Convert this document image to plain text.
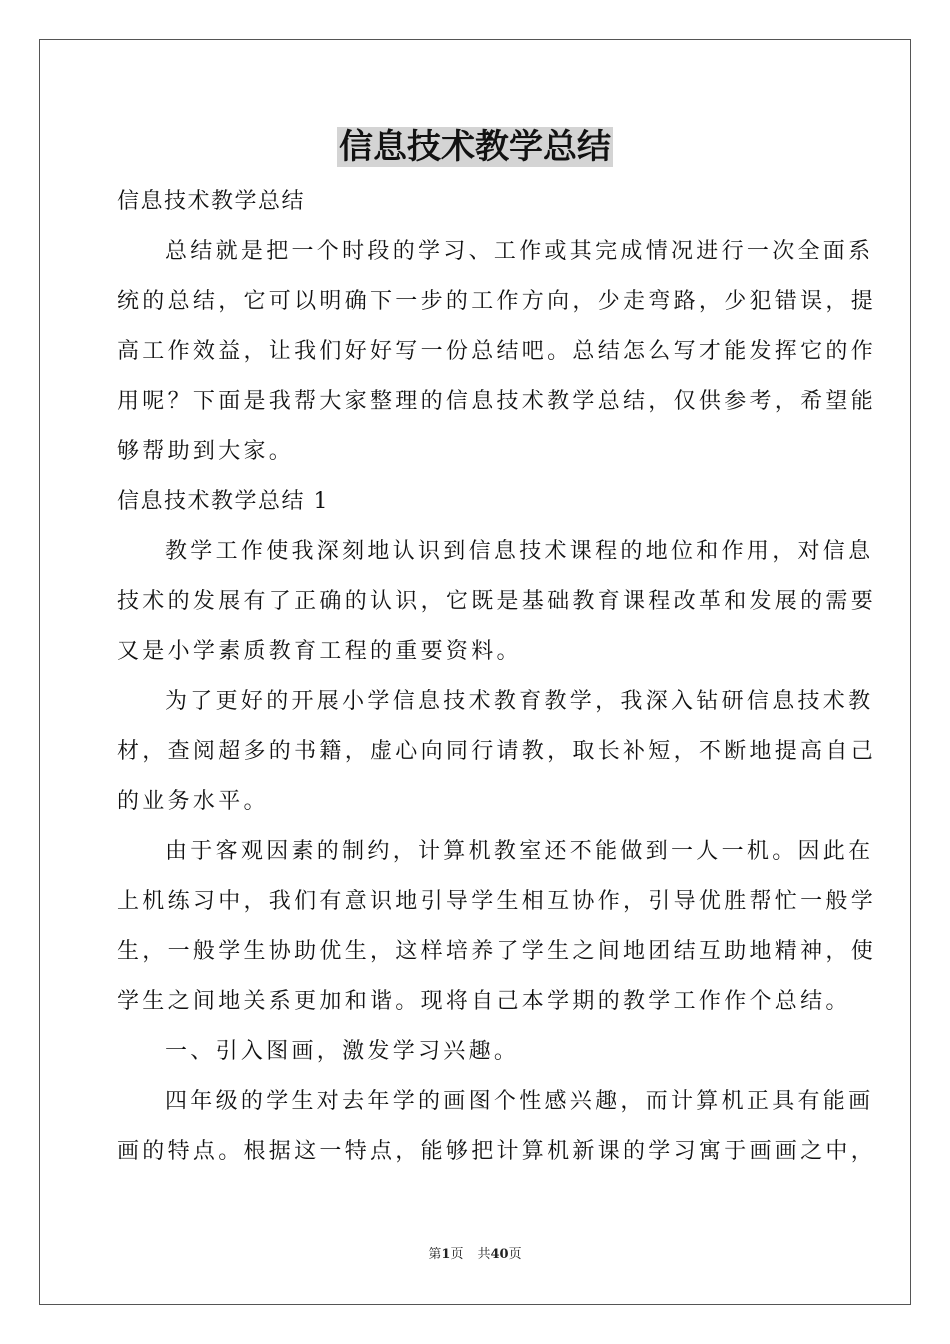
信息技术教学总结

信息技术教学总结

总结就是把一个时段的学习、工作或其完成情况进行一次全面系

统的总结，它可以明确下一步的工作方向，少走弯路，少犯错误，提

高工作效益，让我们好好写一份总结吧。总结怎么写才能发挥它的作

用呢？下面是我帮大家整理的信息技术教学总结，仅供参考，希望能

够帮助到大家。

信息技术教学总结 1

教学工作使我深刻地认识到信息技术课程的地位和作用，对信息

技术的发展有了正确的认识，它既是基础教育课程改革和发展的需要

又是小学素质教育工程的重要资料。

为了更好的开展小学信息技术教育教学，我深入钻研信息技术教

材，查阅超多的书籍，虚心向同行请教，取长补短，不断地提高自己

的业务水平。

由于客观因素的制约，计算机教室还不能做到一人一机。因此在

上机练习中，我们有意识地引导学生相互协作，引导优胜帮忙一般学

生，一般学生协助优生，这样培养了学生之间地团结互助地精神，使

学生之间地关系更加和谐。现将自己本学期的教学工作作个总结。

一、引入图画，激发学习兴趣。

四年级的学生对去年学的画图个性感兴趣，而计算机正具有能画

画的特点。根据这一特点，能够把计算机新课的学习寓于画画之中，

第1页 共40页
